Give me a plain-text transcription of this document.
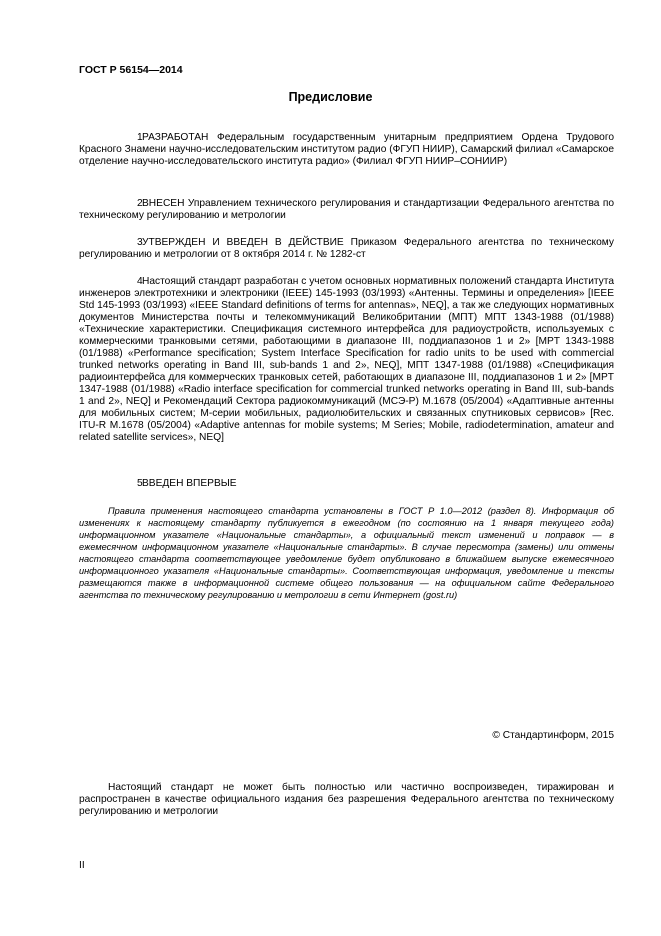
ГОСТ Р 56154—2014
Предисловие
1РАЗРАБОТАН Федеральным государственным унитарным предприятием Ордена Трудового Красного Знамени научно-исследовательским институтом радио (ФГУП НИИР), Самарский филиал «Самарское отделение научно-исследовательского института радио» (Филиал ФГУП НИИР–СОНИИР)
2ВНЕСЕН Управлением технического регулирования и стандартизации Федерального агентства по техническому регулированию и метрологии
3УТВЕРЖДЕН И ВВЕДЕН В ДЕЙСТВИЕ Приказом Федерального агентства по техническому регулированию и метрологии от 8 октября 2014 г. № 1282-ст
4Настоящий стандарт разработан с учетом основных нормативных положений стандарта Института инженеров электротехники и электроники (IEEE) 145-1993 (03/1993) «Антенны. Термины и определения» [IEEE Std 145-1993 (03/1993) «IEEE Standard definitions of terms for antennas», NEQ], а так же следующих нормативных документов Министерства почты и телекоммуникаций Великобритании (МПТ) МПТ 1343-1988 (01/1988) «Технические характеристики. Спецификация системного интерфейса для радиоустройств, используемых с коммерческими транковыми сетями, работающими в диапазоне III, поддиапазонов 1 и 2» [MPT 1343-1988 (01/1988) «Performance specification; System Interface Specification for radio units to be used with commercial trunked networks operating in Band III, sub-bands 1 and 2», NEQ], МПТ 1347-1988 (01/1988) «Спецификация радиоинтерфейса для коммерческих транковых сетей, работающих в диапазоне III, поддиапазонов 1 и 2» [MPT 1347-1988 (01/1988) «Radio interface specification for commercial trunked networks operating in Band III, sub-bands 1 and 2», NEQ] и Рекомендаций Сектора радиокоммуникаций (МСЭ-Р) М.1678 (05/2004) «Адаптивные антенны для мобильных систем; М-серии мобильных, радиолюбительских и связанных спутниковых сервисов» [Rec. ITU-R M.1678 (05/2004) «Adaptive antennas for mobile systems; M Series; Mobile, radiodetermination, amateur and related satellite services», NEQ]
5ВВЕДЕН ВПЕРВЫЕ
Правила применения настоящего стандарта установлены в ГОСТ Р 1.0—2012 (раздел 8). Информация об изменениях к настоящему стандарту публикуется в ежегодном (по состоянию на 1 января текущего года) информационном указателе «Национальные стандарты», а официальный текст изменений и поправок — в ежемесячном информационном указателе «Национальные стандарты». В случае пересмотра (замены) или отмены настоящего стандарта соответствующее уведомление будет опубликовано в ближайшем выпуске ежемесячного информационного указателя «Национальные стандарты». Соответствующая информация, уведомление и тексты размещаются также в информационной системе общего пользования — на официальном сайте Федерального агентства по техническому регулированию и метрологии в сети Интернет (gost.ru)
© Стандартинформ, 2015
Настоящий стандарт не может быть полностью или частично воспроизведен, тиражирован и распространен в качестве официального издания без разрешения Федерального агентства по техническому регулированию и метрологии
II
